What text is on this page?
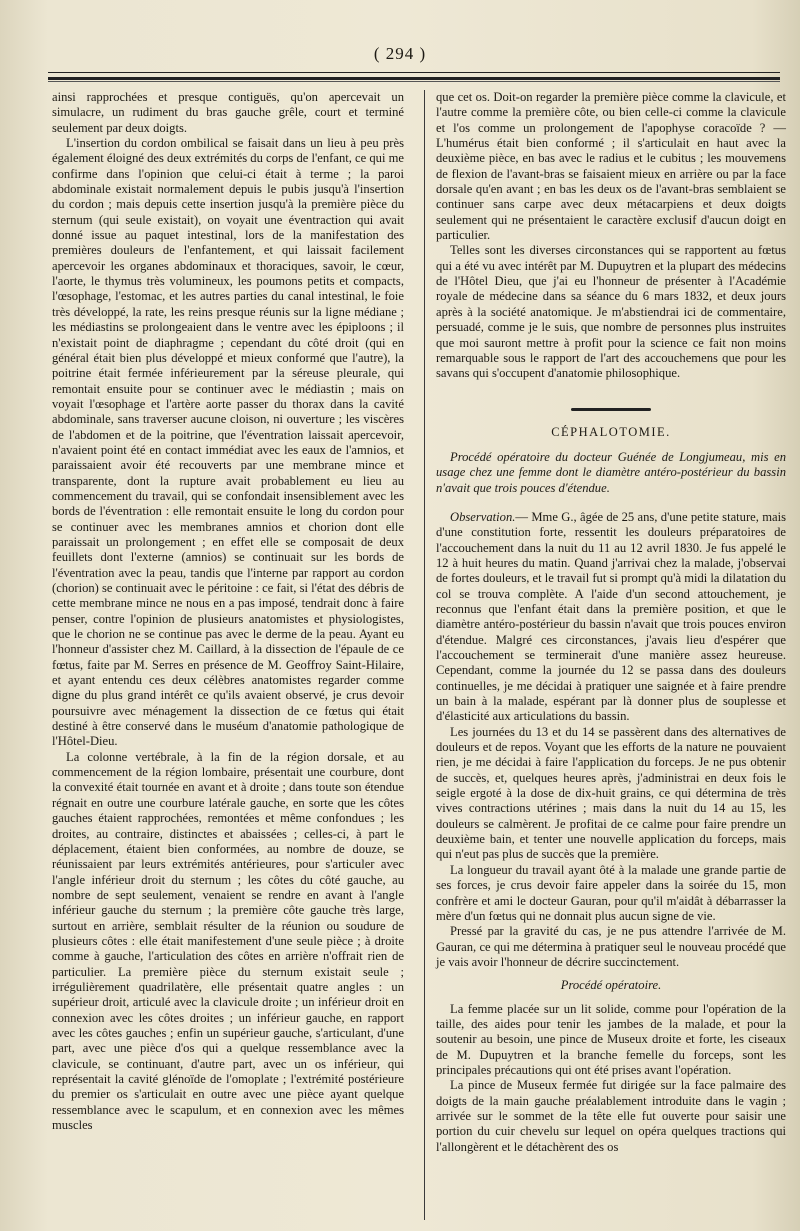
( 294 )

ainsi rapprochées et presque contiguës, qu'on apercevait un simulacre, un rudiment du bras gauche grêle, court et terminé seulement par deux doigts.

L'insertion du cordon ombilical se faisait dans un lieu à peu près également éloigné des deux extrémités du corps de l'enfant, ce qui me confirme dans l'opinion que celui-ci était à terme ; la paroi abdominale existait normalement depuis le pubis jusqu'à l'insertion du cordon ; mais depuis cette insertion jusqu'à la première pièce du sternum (qui seule existait), on voyait une éventraction qui avait donné issue au paquet intestinal, lors de la manifestation des premières douleurs de l'enfantement, et qui laissait facilement apercevoir les organes abdominaux et thoraciques, savoir, le cœur, l'aorte, le thymus très volumineux, les poumons petits et compacts, l'œsophage, l'estomac, et les autres parties du canal intestinal, le foie très développé, la rate, les reins presque réunis sur la ligne médiane ; les médiastins se prolongeaient dans le ventre avec les épiploons ; il n'existait point de diaphragme ; cependant du côté droit (qui en général était bien plus développé et mieux conformé que l'autre), la poitrine était fermée inférieurement par la séreuse pleurale, qui remontait ensuite pour se continuer avec le médiastin ; mais on voyait l'œsophage et l'artère aorte passer du thorax dans la cavité abdominale, sans traverser aucune cloison, ni ouverture ; les viscères de l'abdomen et de la poitrine, que l'éventration laissait apercevoir, n'avaient point été en contact immédiat avec les eaux de l'amnios, et paraissaient avoir été recouverts par une membrane mince et transparente, dont la rupture avait probablement eu lieu au commencement du travail, qui se confondait insensiblement avec les bords de l'éventration : elle remontait ensuite le long du cordon pour se continuer avec les membranes amnios et chorion dont elle paraissait un prolongement ; en effet elle se composait de deux feuillets dont l'externe (amnios) se continuait sur les bords de l'éventration avec la peau, tandis que l'interne par rapport au cordon (chorion) se continuait avec le péritoine : ce fait, si l'état des débris de cette membrane mince ne nous en a pas imposé, tendrait donc à faire penser, contre l'opinion de plusieurs anatomistes et physiologistes, que le chorion ne se continue pas avec le derme de la peau. Ayant eu l'honneur d'assister chez M. Caillard, à la dissection de l'épaule de ce fœtus, faite par M. Serres en présence de M. Geoffroy Saint-Hilaire, et ayant entendu ces deux célèbres anatomistes regarder comme digne du plus grand intérêt ce qu'ils avaient observé, je crus devoir poursuivre avec ménagement la dissection de ce fœtus qui était destiné à être conservé dans le muséum d'anatomie pathologique de l'Hôtel-Dieu.

La colonne vertébrale, à la fin de la région dorsale, et au commencement de la région lombaire, présentait une courbure, dont la convexité était tournée en avant et à droite ; dans toute son étendue régnait en outre une courbure latérale gauche, en sorte que les côtes gauches étaient rapprochées, remontées et même confondues ; les droites, au contraire, distinctes et abaissées ; celles-ci, à part le déplacement, étaient bien conformées, au nombre de douze, se réunissaient par leurs extrémités antérieures, pour s'articuler avec l'angle inférieur droit du sternum ; les côtes du côté gauche, au nombre de sept seulement, venaient se rendre en avant à l'angle inférieur gauche du sternum ; la première côte gauche très large, surtout en arrière, semblait résulter de la réunion ou soudure de plusieurs côtes : elle était manifestement d'une seule pièce ; à droite comme à gauche, l'articulation des côtes en arrière n'offrait rien de particulier. La première pièce du sternum existait seule ; irrégulièrement quadrilatère, elle présentait quatre angles : un supérieur droit, articulé avec la clavicule droite ; un inférieur droit en connexion avec les côtes droites ; un inférieur gauche, en rapport avec les côtes gauches ; enfin un supérieur gauche, s'articulant, d'une part, avec une pièce d'os qui a quelque ressemblance avec la clavicule, se continuant, d'autre part, avec un os inférieur, qui représentait la cavité glénoïde de l'omoplate ; l'extrémité postérieure du premier os s'articulait en outre avec une pièce ayant quelque ressemblance avec le scapulum, et en connexion avec les mêmes muscles

que cet os. Doit-on regarder la première pièce comme la clavicule, et l'autre comme la première côte, ou bien celle-ci comme la clavicule et l'os comme un prolongement de l'apophyse coracoïde ? — L'humérus était bien conformé ; il s'articulait en haut avec la deuxième pièce, en bas avec le radius et le cubitus ; les mouvemens de flexion de l'avant-bras se faisaient mieux en arrière ou par la face dorsale qu'en avant ; en bas les deux os de l'avant-bras semblaient se continuer sans carpe avec deux métacarpiens et deux doigts seulement qui ne présentaient le caractère exclusif d'aucun doigt en particulier.

Telles sont les diverses circonstances qui se rapportent au fœtus qui a été vu avec intérêt par M. Dupuytren et la plupart des médecins de l'Hôtel Dieu, que j'ai eu l'honneur de présenter à l'Académie royale de médecine dans sa séance du 6 mars 1832, et deux jours après à la société anatomique. Je m'abstiendrai ici de commentaire, persuadé, comme je le suis, que nombre de personnes plus instruites que moi sauront mettre à profit pour la science ce fait non moins remarquable sous le rapport de l'art des accouchemens que pour les savans qui s'occupent d'anatomie philosophique.

CÉPHALOTOMIE.

Procédé opératoire du docteur Guénée de Longjumeau, mis en usage chez une femme dont le diamètre antéro-postérieur du bassin n'avait que trois pouces d'étendue.

Observation.— Mme G., âgée de 25 ans, d'une petite stature, mais d'une constitution forte, ressentit les douleurs préparatoires de l'accouchement dans la nuit du 11 au 12 avril 1830. Je fus appelé le 12 à huit heures du matin. Quand j'arrivai chez la malade, j'observai de fortes douleurs, et le travail fut si prompt qu'à midi la dilatation du col se trouva complète. A l'aide d'un second attouchement, je reconnus que l'enfant était dans la première position, et que le diamètre antéro-postérieur du bassin n'avait que trois pouces environ d'étendue. Malgré ces circonstances, j'avais lieu d'espérer que l'accouchement se terminerait d'une manière assez heureuse. Cependant, comme la journée du 12 se passa dans des douleurs continuelles, je me décidai à pratiquer une saignée et à faire prendre un bain à la malade, espérant par là donner plus de souplesse et d'élasticité aux articulations du bassin.

Les journées du 13 et du 14 se passèrent dans des alternatives de douleurs et de repos. Voyant que les efforts de la nature ne pouvaient rien, je me décidai à faire l'application du forceps. Je ne pus obtenir de succès, et, quelques heures après, j'administrai en deux fois le seigle ergoté à la dose de dix-huit grains, ce qui détermina de très vives contractions utérines ; mais dans la nuit du 14 au 15, les douleurs se calmèrent. Je profitai de ce calme pour faire prendre un deuxième bain, et tenter une nouvelle application du forceps, mais qui n'eut pas plus de succès que la première.

La longueur du travail ayant ôté à la malade une grande partie de ses forces, je crus devoir faire appeler dans la soirée du 15, mon confrère et ami le docteur Gauran, pour qu'il m'aidât à débarrasser la mère d'un fœtus qui ne donnait plus aucun signe de vie.

Pressé par la gravité du cas, je ne pus attendre l'arrivée de M. Gauran, ce qui me détermina à pratiquer seul le nouveau procédé que je vais avoir l'honneur de décrire succinctement.

Procédé opératoire.

La femme placée sur un lit solide, comme pour l'opération de la taille, des aides pour tenir les jambes de la malade, et pour la soutenir au besoin, une pince de Museux droite et forte, les ciseaux de M. Dupuytren et la branche femelle du forceps, sont les principales précautions qui ont été prises avant l'opération.

La pince de Museux fermée fut dirigée sur la face palmaire des doigts de la main gauche préalablement introduite dans le vagin ; arrivée sur le sommet de la tête elle fut ouverte pour saisir une portion du cuir chevelu sur lequel on opéra quelques tractions qui l'allongèrent et le détachèrent des os
